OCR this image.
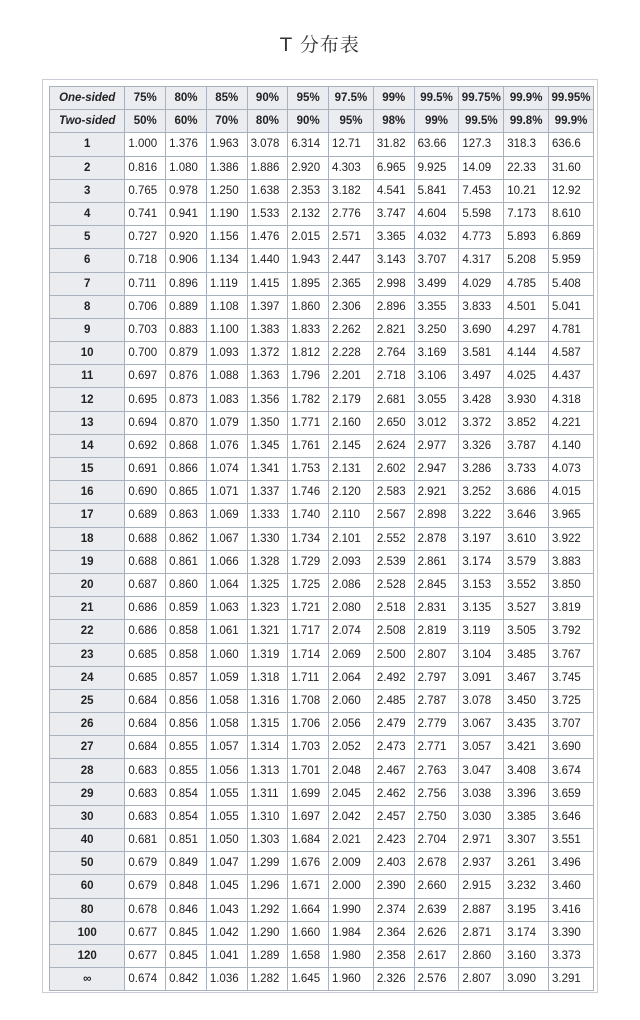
T 分布表
One-sided	75%	80%	85%	90%	95%	97.5%	99%	99.5%	99.75%	99.9%	99.95%
Two-sided	50%	60%	70%	80%	90%	95%	98%	99%	99.5%	99.8%	99.9%
1	1.000	1.376	1.963	3.078	6.314	12.71	31.82	63.66	127.3	318.3	636.6
2	0.816	1.080	1.386	1.886	2.920	4.303	6.965	9.925	14.09	22.33	31.60
3	0.765	0.978	1.250	1.638	2.353	3.182	4.541	5.841	7.453	10.21	12.92
4	0.741	0.941	1.190	1.533	2.132	2.776	3.747	4.604	5.598	7.173	8.610
5	0.727	0.920	1.156	1.476	2.015	2.571	3.365	4.032	4.773	5.893	6.869
6	0.718	0.906	1.134	1.440	1.943	2.447	3.143	3.707	4.317	5.208	5.959
7	0.711	0.896	1.119	1.415	1.895	2.365	2.998	3.499	4.029	4.785	5.408
8	0.706	0.889	1.108	1.397	1.860	2.306	2.896	3.355	3.833	4.501	5.041
9	0.703	0.883	1.100	1.383	1.833	2.262	2.821	3.250	3.690	4.297	4.781
10	0.700	0.879	1.093	1.372	1.812	2.228	2.764	3.169	3.581	4.144	4.587
11	0.697	0.876	1.088	1.363	1.796	2.201	2.718	3.106	3.497	4.025	4.437
12	0.695	0.873	1.083	1.356	1.782	2.179	2.681	3.055	3.428	3.930	4.318
13	0.694	0.870	1.079	1.350	1.771	2.160	2.650	3.012	3.372	3.852	4.221
14	0.692	0.868	1.076	1.345	1.761	2.145	2.624	2.977	3.326	3.787	4.140
15	0.691	0.866	1.074	1.341	1.753	2.131	2.602	2.947	3.286	3.733	4.073
16	0.690	0.865	1.071	1.337	1.746	2.120	2.583	2.921	3.252	3.686	4.015
17	0.689	0.863	1.069	1.333	1.740	2.110	2.567	2.898	3.222	3.646	3.965
18	0.688	0.862	1.067	1.330	1.734	2.101	2.552	2.878	3.197	3.610	3.922
19	0.688	0.861	1.066	1.328	1.729	2.093	2.539	2.861	3.174	3.579	3.883
20	0.687	0.860	1.064	1.325	1.725	2.086	2.528	2.845	3.153	3.552	3.850
21	0.686	0.859	1.063	1.323	1.721	2.080	2.518	2.831	3.135	3.527	3.819
22	0.686	0.858	1.061	1.321	1.717	2.074	2.508	2.819	3.119	3.505	3.792
23	0.685	0.858	1.060	1.319	1.714	2.069	2.500	2.807	3.104	3.485	3.767
24	0.685	0.857	1.059	1.318	1.711	2.064	2.492	2.797	3.091	3.467	3.745
25	0.684	0.856	1.058	1.316	1.708	2.060	2.485	2.787	3.078	3.450	3.725
26	0.684	0.856	1.058	1.315	1.706	2.056	2.479	2.779	3.067	3.435	3.707
27	0.684	0.855	1.057	1.314	1.703	2.052	2.473	2.771	3.057	3.421	3.690
28	0.683	0.855	1.056	1.313	1.701	2.048	2.467	2.763	3.047	3.408	3.674
29	0.683	0.854	1.055	1.311	1.699	2.045	2.462	2.756	3.038	3.396	3.659
30	0.683	0.854	1.055	1.310	1.697	2.042	2.457	2.750	3.030	3.385	3.646
40	0.681	0.851	1.050	1.303	1.684	2.021	2.423	2.704	2.971	3.307	3.551
50	0.679	0.849	1.047	1.299	1.676	2.009	2.403	2.678	2.937	3.261	3.496
60	0.679	0.848	1.045	1.296	1.671	2.000	2.390	2.660	2.915	3.232	3.460
80	0.678	0.846	1.043	1.292	1.664	1.990	2.374	2.639	2.887	3.195	3.416
100	0.677	0.845	1.042	1.290	1.660	1.984	2.364	2.626	2.871	3.174	3.390
120	0.677	0.845	1.041	1.289	1.658	1.980	2.358	2.617	2.860	3.160	3.373
∞	0.674	0.842	1.036	1.282	1.645	1.960	2.326	2.576	2.807	3.090	3.291
